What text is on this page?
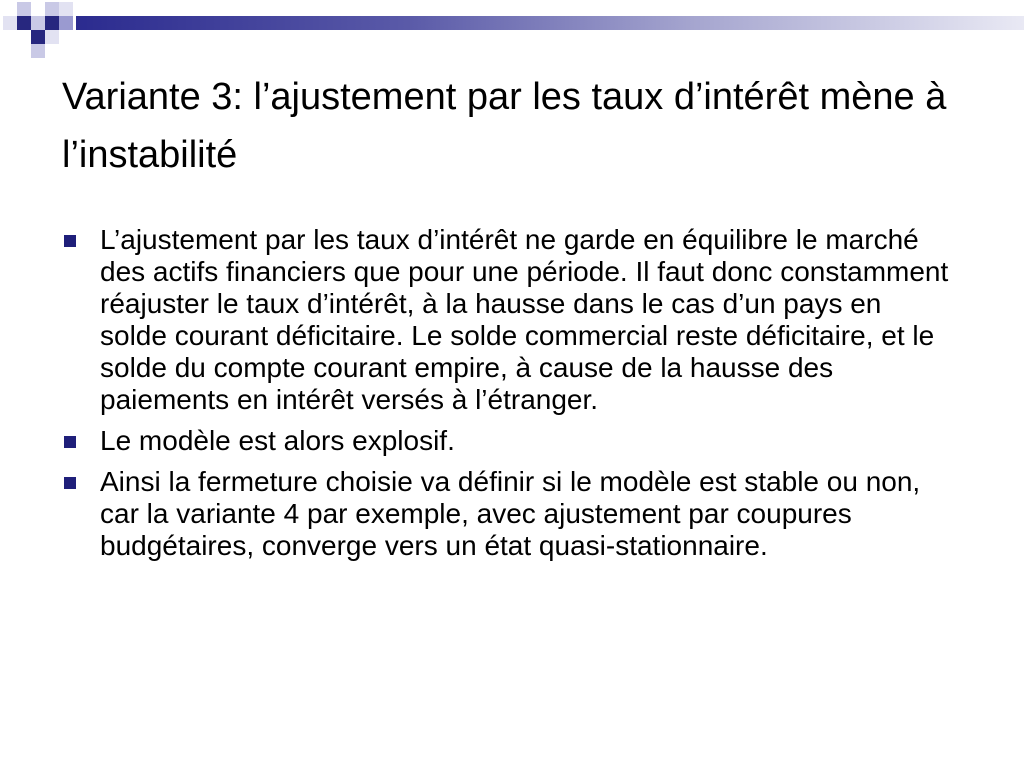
Variante 3: l’ajustement par les taux d’intérêt mène à l’instabilité
L’ajustement par les taux d’intérêt ne garde en équilibre le marché des actifs financiers que pour une période. Il faut donc constamment réajuster le taux d’intérêt, à la hausse dans le cas d’un pays en solde courant déficitaire. Le solde commercial reste déficitaire, et le solde du compte courant empire, à cause de la hausse des paiements en intérêt versés à l’étranger.
Le modèle est alors explosif.
Ainsi la fermeture choisie va définir si le modèle est stable ou non, car la variante 4 par exemple, avec ajustement par coupures budgétaires, converge vers un état quasi-stationnaire.
